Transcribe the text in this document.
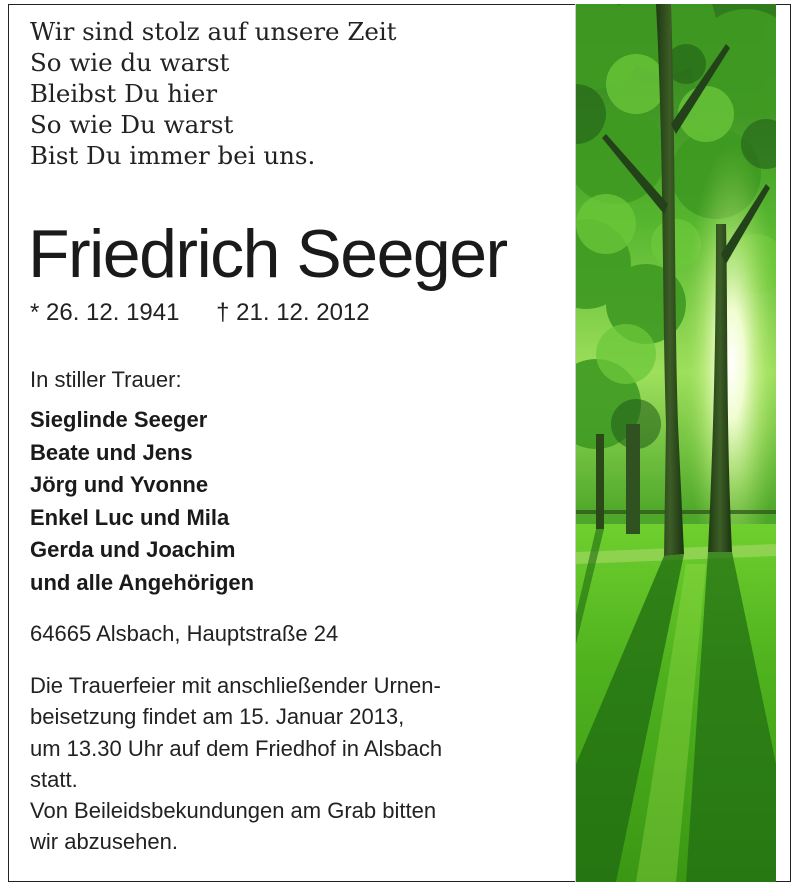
Wir sind stolz auf unsere Zeit
So wie du warst
Bleibst Du hier
So wie Du warst
Bist Du immer bei uns.
Friedrich Seeger
* 26. 12. 1941 † 21. 12. 2012
In stiller Trauer:
Sieglinde Seeger
Beate und Jens
Jörg und Yvonne
Enkel Luc und Mila
Gerda und Joachim
und alle Angehörigen
64665 Alsbach, Hauptstraße 24
Die Trauerfeier mit anschließender Urnen-
beisetzung findet am 15. Januar 2013,
um 13.30 Uhr auf dem Friedhof in Alsbach
statt.
Von Beileidsbekundungen am Grab bitten
wir abzusehen.
